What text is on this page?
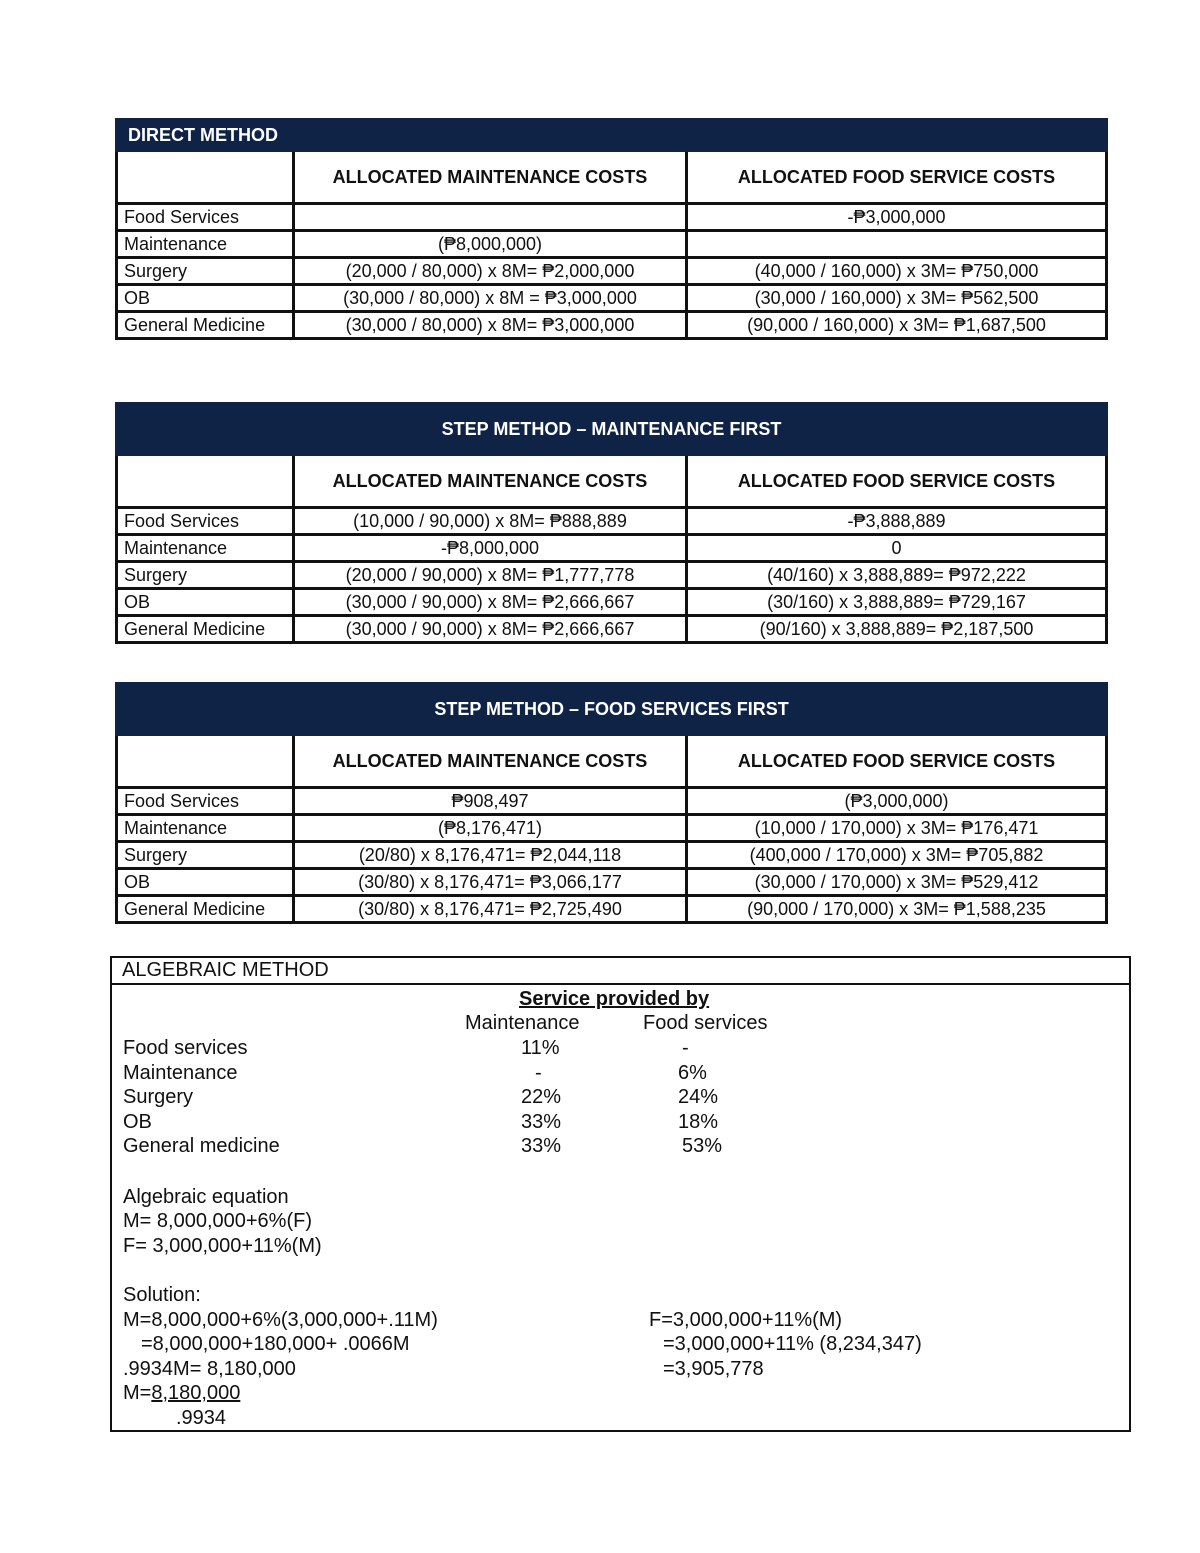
DIRECT METHOD		
	ALLOCATED MAINTENANCE COSTS	ALLOCATED FOOD SERVICE COSTS
Food Services		-₱3,000,000
Maintenance	(₱8,000,000)	
Surgery	(20,000 / 80,000) x 8M= ₱2,000,000	(40,000 / 160,000) x 3M= ₱750,000
OB	(30,000 / 80,000) x 8M = ₱3,000,000	(30,000 / 160,000) x 3M= ₱562,500
General Medicine	(30,000 / 80,000) x 8M= ₱3,000,000	(90,000 / 160,000) x 3M= ₱1,687,500
STEP METHOD – MAINTENANCE FIRST		
	ALLOCATED MAINTENANCE COSTS	ALLOCATED FOOD SERVICE COSTS
Food Services	(10,000 / 90,000) x 8M= ₱888,889	-₱3,888,889
Maintenance	-₱8,000,000	0
Surgery	(20,000 / 90,000) x 8M= ₱1,777,778	(40/160) x 3,888,889= ₱972,222
OB	(30,000 / 90,000) x 8M= ₱2,666,667	(30/160) x 3,888,889= ₱729,167
General Medicine	(30,000 / 90,000) x 8M= ₱2,666,667	(90/160) x 3,888,889= ₱2,187,500
STEP METHOD – FOOD SERVICES FIRST		
	ALLOCATED MAINTENANCE COSTS	ALLOCATED FOOD SERVICE COSTS
Food Services	₱908,497	(₱3,000,000)
Maintenance	(₱8,176,471)	(10,000 / 170,000) x 3M= ₱176,471
Surgery	(20/80) x 8,176,471= ₱2,044,118	(400,000 / 170,000) x 3M= ₱705,882
OB	(30/80) x 8,176,471= ₱3,066,177	(30,000 / 170,000) x 3M= ₱529,412
General Medicine	(30/80) x 8,176,471= ₱2,725,490	(90,000 / 170,000) x 3M= ₱1,588,235
ALGEBRAIC METHOD
Service provided by
Maintenance	Food services
Food services	11%	-
Maintenance	-	6%
Surgery	22%	24%
OB	33%	18%
General medicine	33%	53%
Algebraic equation
M= 8,000,000+6%(F)
F= 3,000,000+11%(M)
Solution:
M=8,000,000+6%(3,000,000+.11M)
=8,000,000+180,000+ .0066M
.9934M= 8,180,000
M=8,180,000
.9934
F=3,000,000+11%(M)
=3,000,000+11% (8,234,347)
=3,905,778
